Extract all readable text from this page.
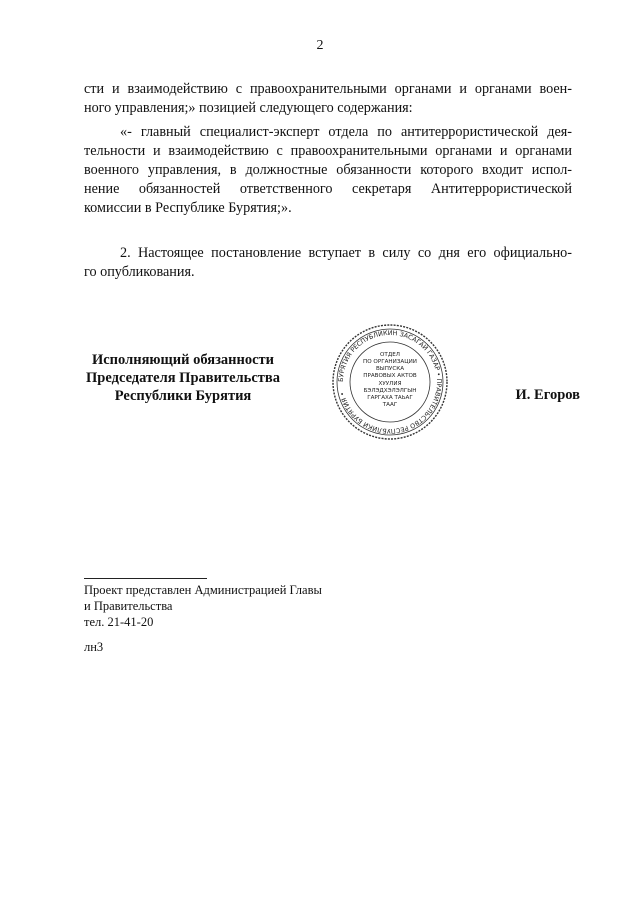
2
сти и взаимодействию с правоохранительными органами и органами воен-
ного управления;» позицией следующего содержания:
«- главный специалист-эксперт отдела по антитеррористической дея-
тельности и взаимодействию с правоохранительными органами и органами
военного управления, в должностные обязанности которого входит испол-
нение обязанностей ответственного секретаря Антитеррористической
комиссии в Республике Бурятия;».
2. Настоящее постановление вступает в силу со дня его официально-
го опубликования.
Исполняющий обязанности
Председателя Правительства
Республики Бурятия	И. Егоров
БУРЯТИЯ РЕСПУБЛИКИН ЗАСАГАЙ ГАЗАР • ПРАВИТЕЛЬСТВО РЕСПУБЛИКИ БУРЯТИЯ •
ОТДЕЛ
ПО ОРГАНИЗАЦИИ
ВЫПУСКА
ПРАВОВЫХ АКТОВ
ХУУЛИЯ
БЭЛЭДХЭЛЭЛГЫН
ГАРГАХА ТАЬАГ
ТААГ
Проект представлен Администрацией Главы
и Правительства
тел. 21-41-20
лн3
